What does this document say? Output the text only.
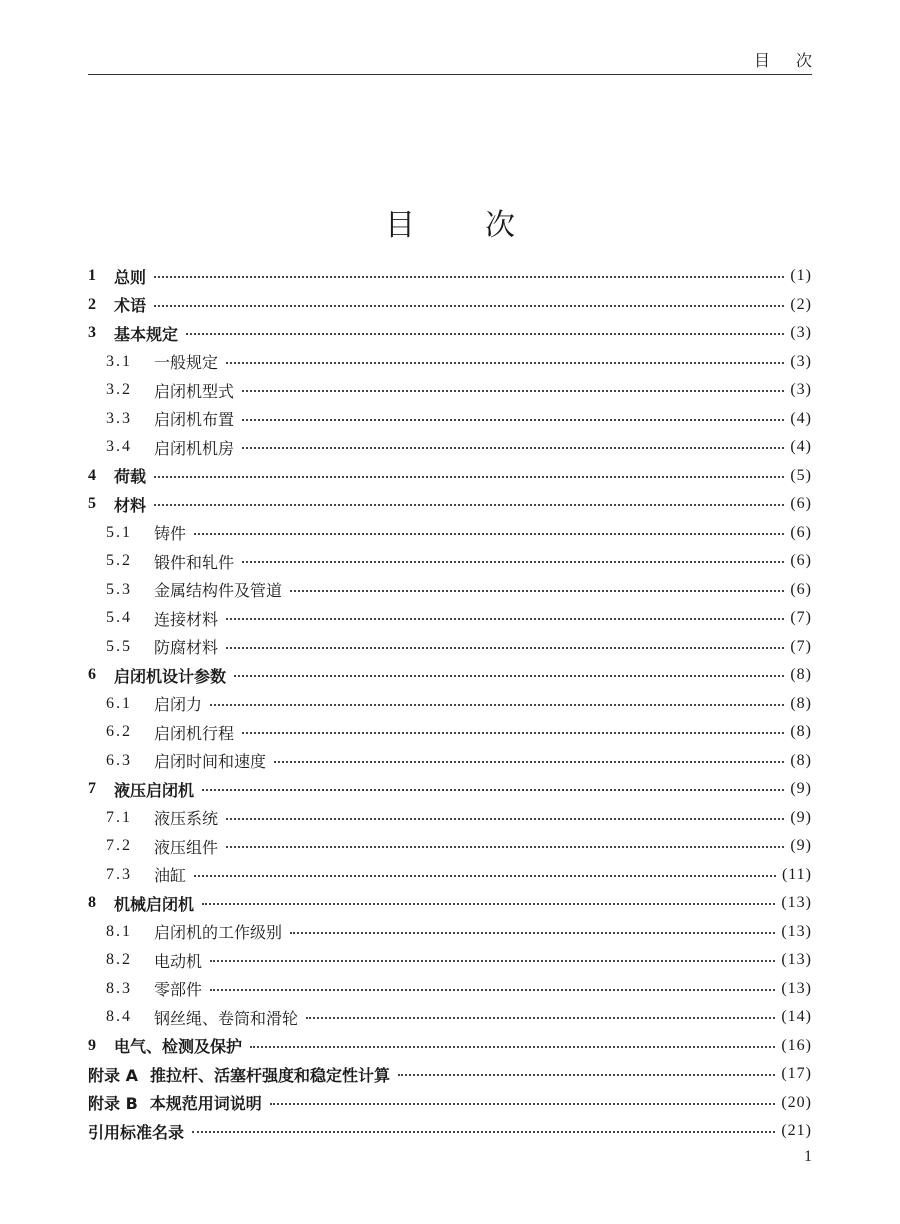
目次
目次
1	总则	(1)
2	术语	(2)
3	基本规定	(3)
3.1	一般规定	(3)
3.2	启闭机型式	(3)
3.3	启闭机布置	(4)
3.4	启闭机机房	(4)
4	荷载	(5)
5	材料	(6)
5.1	铸件	(6)
5.2	锻件和轧件	(6)
5.3	金属结构件及管道	(6)
5.4	连接材料	(7)
5.5	防腐材料	(7)
6	启闭机设计参数	(8)
6.1	启闭力	(8)
6.2	启闭机行程	(8)
6.3	启闭时间和速度	(8)
7	液压启闭机	(9)
7.1	液压系统	(9)
7.2	液压组件	(9)
7.3	油缸	(11)
8	机械启闭机	(13)
8.1	启闭机的工作级别	(13)
8.2	电动机	(13)
8.3	零部件	(13)
8.4	钢丝绳、卷筒和滑轮	(14)
9	电气、检测及保护	(16)
附录 A 推拉杆、活塞杆强度和稳定性计算	(17)
附录 B 本规范用词说明	(20)
引用标准名录	(21)
1
